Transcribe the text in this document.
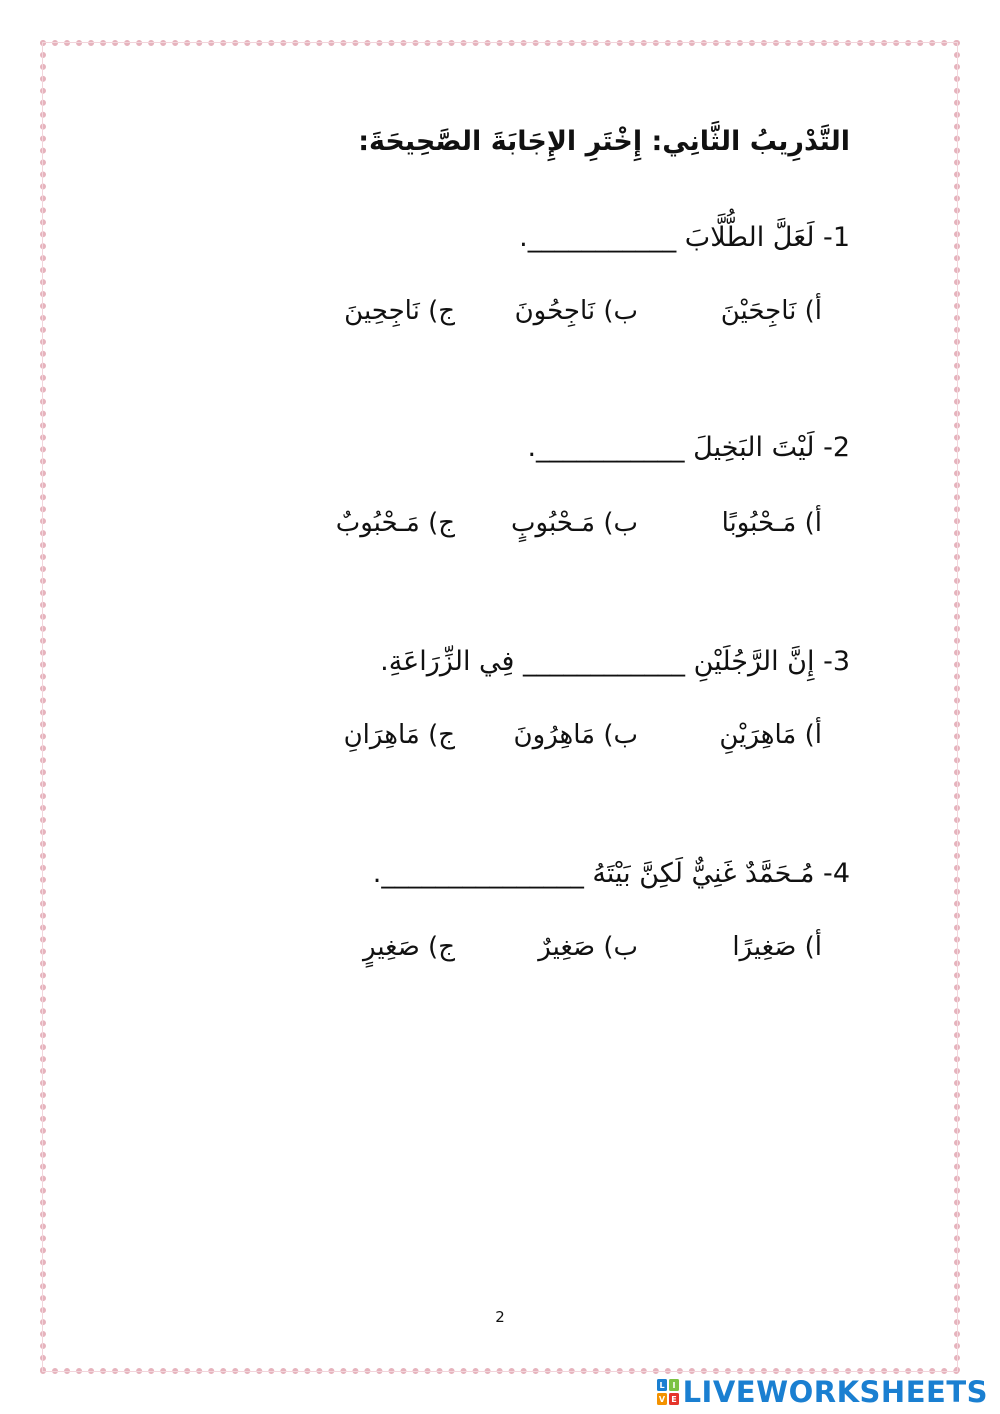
التَّدْرِيبُ الثَّانِي: إِخْتَرِ الإِجَابَةَ الصَّحِيحَةَ:
1- لَعَلَّ الطُّلَّابَ ___________.
أ) نَاجِحَيْنَ
ب) نَاجِحُونَ
ج) نَاجِحِينَ
2- لَيْتَ البَخِيلَ ___________.
أ) مَـحْبُوبًا
ب) مَـحْبُوبٍ
ج) مَـحْبُوبٌ
3- إِنَّ الرَّجُلَيْنِ ____________ فِي الزِّرَاعَةِ.
أ) مَاهِرَيْنِ
ب) مَاهِرُونَ
ج) مَاهِرَانِ
4- مُـحَمَّدٌ غَنِيٌّ لَكِنَّ بَيْتَهُ _______________.
أ) صَغِيرًا
ب) صَغِيرٌ
ج) صَغِيرٍ
2
L I
V E LIVEWORKSHEETS
